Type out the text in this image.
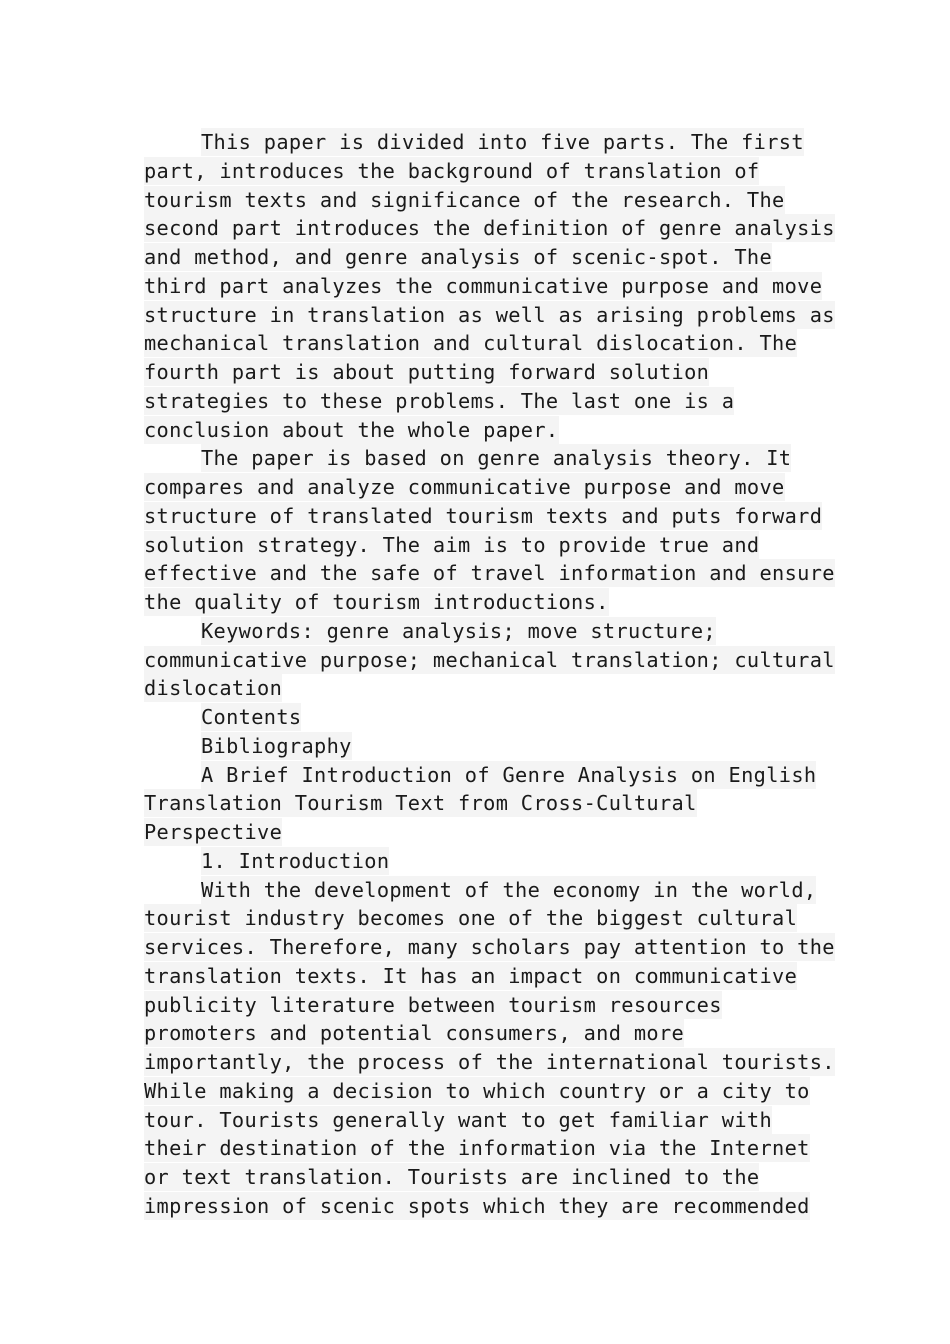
This paper is divided into five parts. The first
part, introduces the background of translation of
tourism texts and significance of the research. The
second part introduces the definition of genre analysis
and method, and genre analysis of scenic-spot. The
third part analyzes the communicative purpose and move
structure in translation as well as arising problems as
mechanical translation and cultural dislocation. The
fourth part is about putting forward solution
strategies to these problems. The last one is a
conclusion about the whole paper.
The paper is based on genre analysis theory. It
compares and analyze communicative purpose and move
structure of translated tourism texts and puts forward
solution strategy. The aim is to provide true and
effective and the safe of travel information and ensure
the quality of tourism introductions.
Keywords: genre analysis; move structure;
communicative purpose; mechanical translation; cultural
dislocation
Contents
Bibliography
A Brief Introduction of Genre Analysis on English
Translation Tourism Text from Cross-Cultural
Perspective
1. Introduction
With the development of the economy in the world,
tourist industry becomes one of the biggest cultural
services. Therefore, many scholars pay attention to the
translation texts. It has an impact on communicative
publicity literature between tourism resources
promoters and potential consumers, and more
importantly, the process of the international tourists.
While making a decision to which country or a city to
tour. Tourists generally want to get familiar with
their destination of the information via the Internet
or text translation. Tourists are inclined to the
impression of scenic spots which they are recommended
